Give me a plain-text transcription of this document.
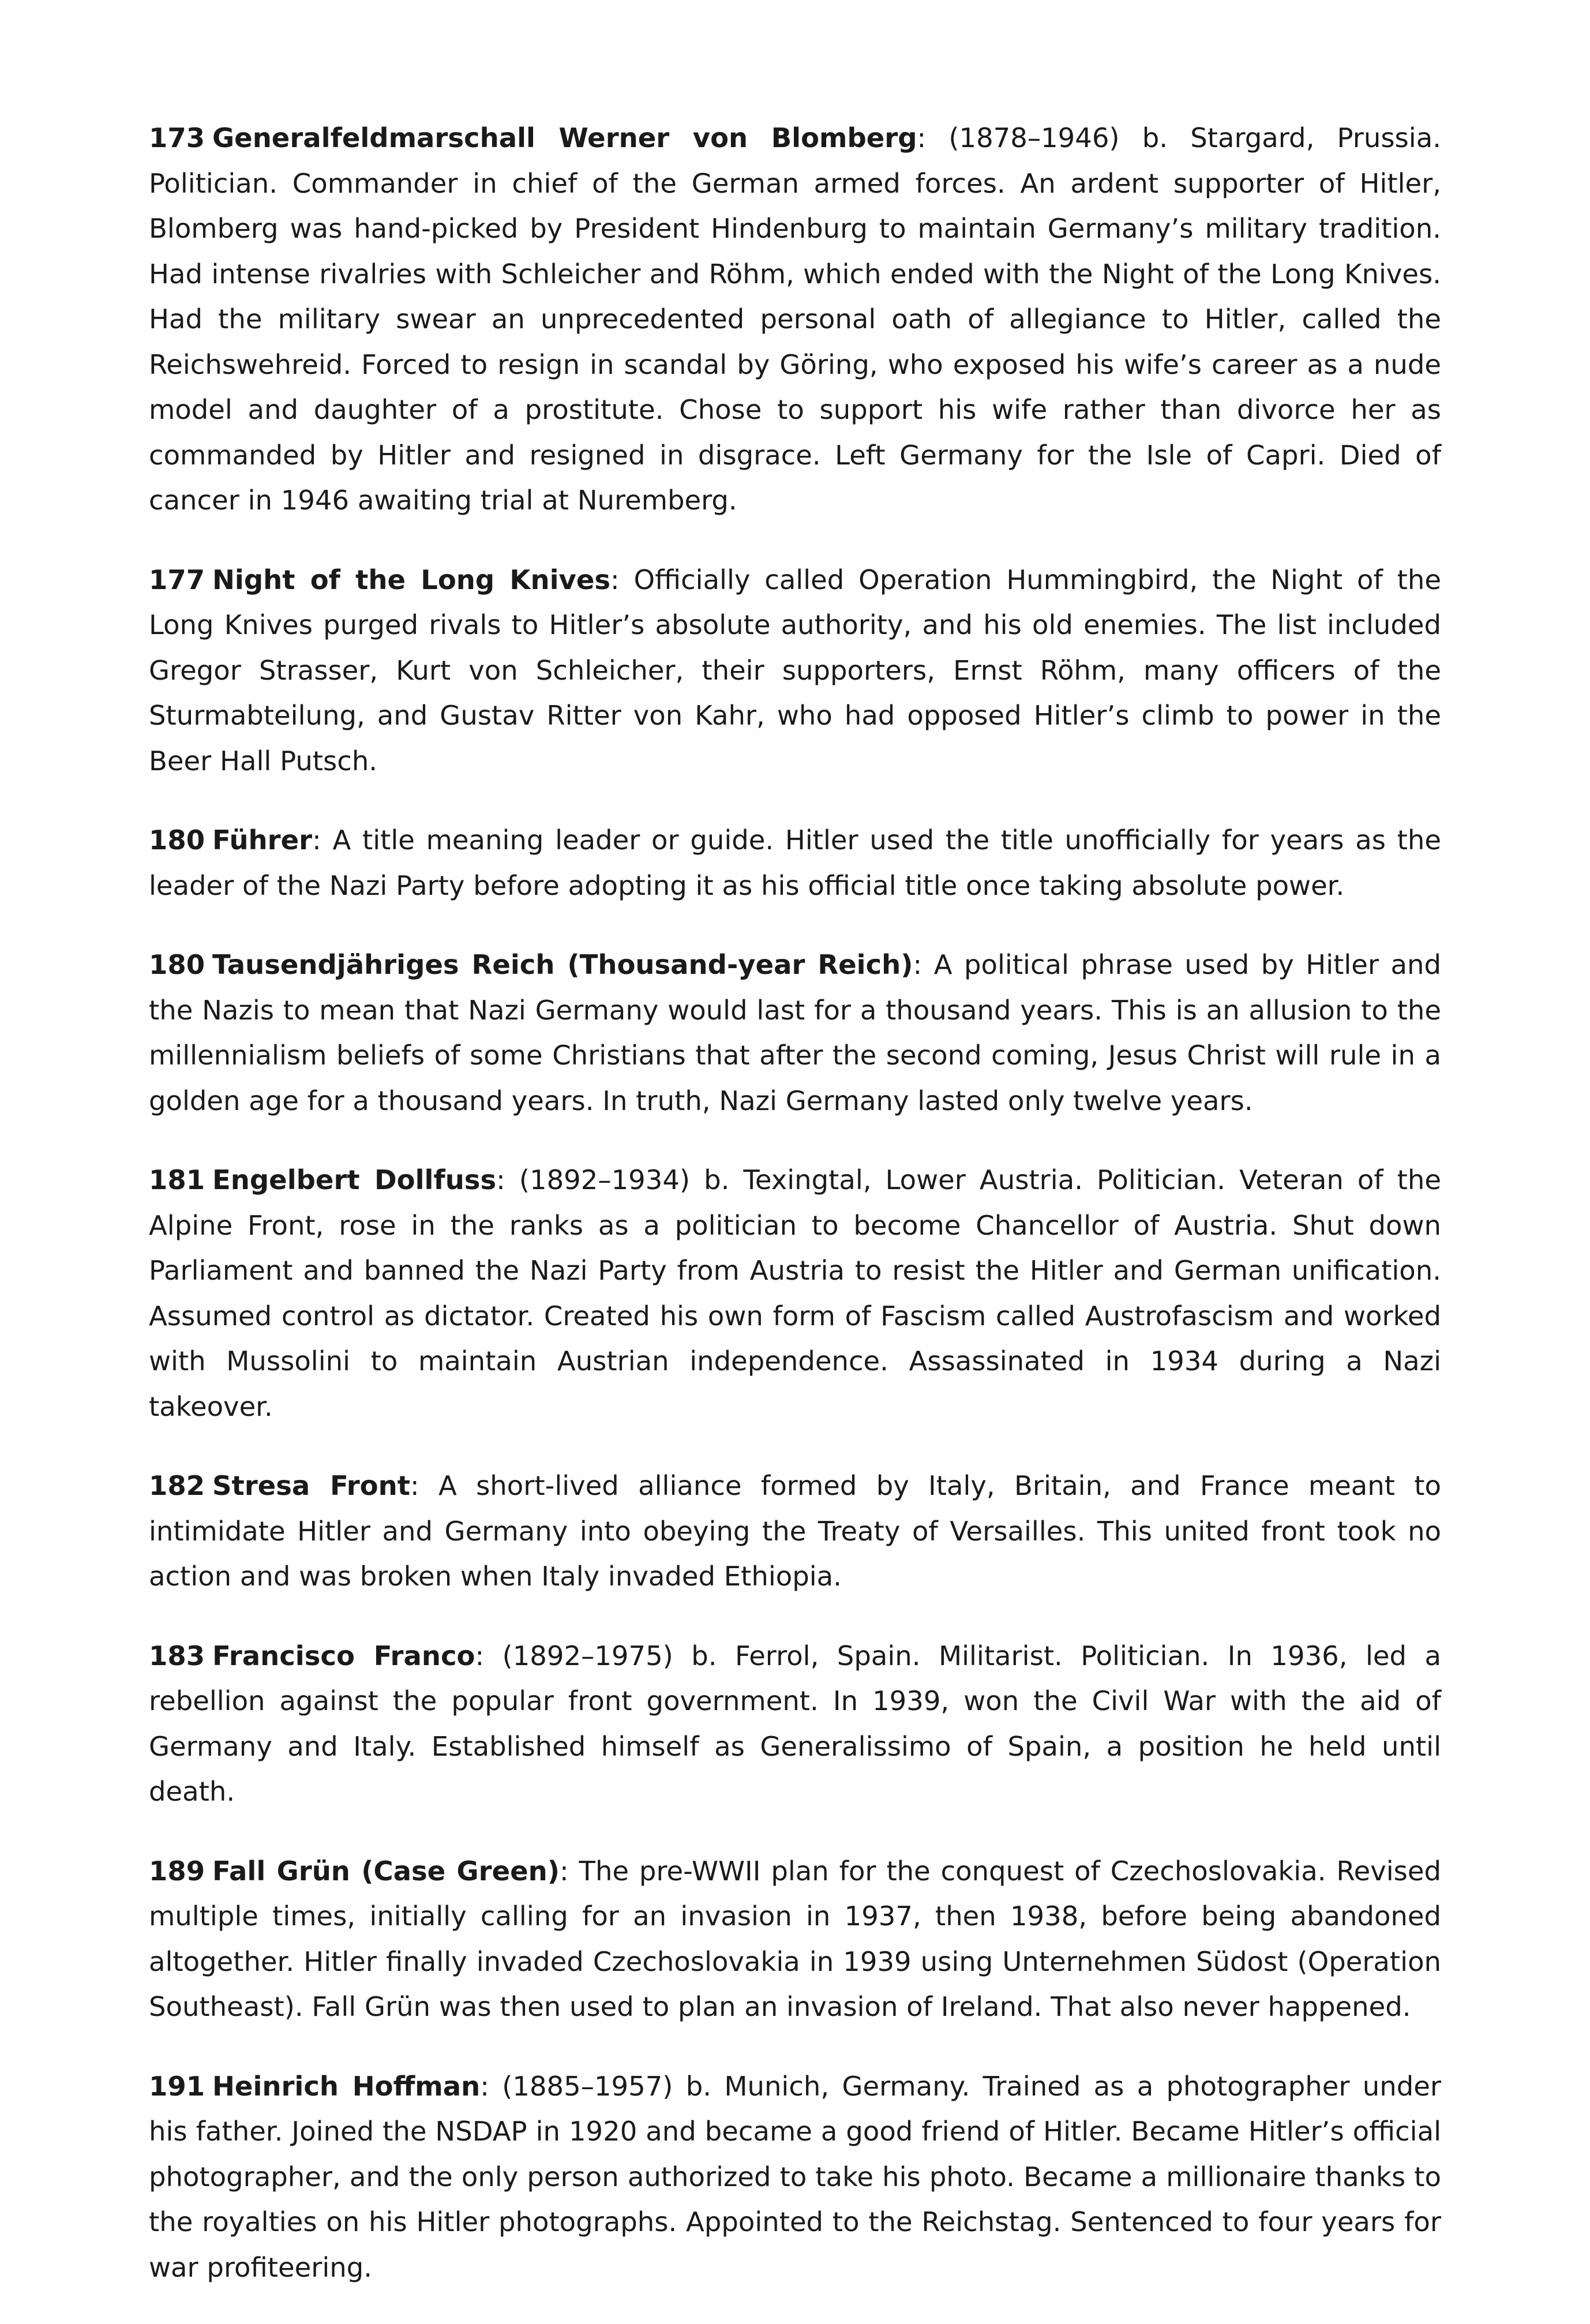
173 Generalfeldmarschall Werner von Blomberg: (1878–1946) b. Stargard, Prussia. Politician. Commander in chief of the German armed forces. An ardent supporter of Hitler, Blomberg was hand-picked by President Hindenburg to maintain Germany’s military tradition. Had intense rivalries with Schleicher and Röhm, which ended with the Night of the Long Knives. Had the military swear an unprecedented personal oath of allegiance to Hitler, called the Reichswehreid. Forced to resign in scandal by Göring, who exposed his wife’s career as a nude model and daughter of a prostitute. Chose to support his wife rather than divorce her as commanded by Hitler and resigned in disgrace. Left Germany for the Isle of Capri. Died of cancer in 1946 awaiting trial at Nuremberg.

177 Night of the Long Knives: Officially called Operation Hummingbird, the Night of the Long Knives purged rivals to Hitler’s absolute authority, and his old enemies. The list included Gregor Strasser, Kurt von Schleicher, their supporters, Ernst Röhm, many officers of the Sturmabteilung, and Gustav Ritter von Kahr, who had opposed Hitler’s climb to power in the Beer Hall Putsch.

180 Führer: A title meaning leader or guide. Hitler used the title unofficially for years as the leader of the Nazi Party before adopting it as his official title once taking absolute power.

180 Tausendjähriges Reich (Thousand-year Reich): A political phrase used by Hitler and the Nazis to mean that Nazi Germany would last for a thousand years. This is an allusion to the millennialism beliefs of some Christians that after the second coming, Jesus Christ will rule in a golden age for a thousand years. In truth, Nazi Germany lasted only twelve years.

181 Engelbert Dollfuss: (1892–1934) b. Texingtal, Lower Austria. Politician. Veteran of the Alpine Front, rose in the ranks as a politician to become Chancellor of Austria. Shut down Parliament and banned the Nazi Party from Austria to resist the Hitler and German unification. Assumed control as dictator. Created his own form of Fascism called Austrofascism and worked with Mussolini to maintain Austrian independence. Assassinated in 1934 during a Nazi takeover.

182 Stresa Front: A short-lived alliance formed by Italy, Britain, and France meant to intimidate Hitler and Germany into obeying the Treaty of Versailles. This united front took no action and was broken when Italy invaded Ethiopia.

183 Francisco Franco: (1892–1975) b. Ferrol, Spain. Militarist. Politician. In 1936, led a rebellion against the popular front government. In 1939, won the Civil War with the aid of Germany and Italy. Established himself as Generalissimo of Spain, a position he held until death.

189 Fall Grün (Case Green): The pre-WWII plan for the conquest of Czechoslovakia. Revised multiple times, initially calling for an invasion in 1937, then 1938, before being abandoned altogether. Hitler finally invaded Czechoslovakia in 1939 using Unternehmen Südost (Operation Southeast). Fall Grün was then used to plan an invasion of Ireland. That also never happened.

191 Heinrich Hoffman: (1885–1957) b. Munich, Germany. Trained as a photographer under his father. Joined the NSDAP in 1920 and became a good friend of Hitler. Became Hitler’s official photographer, and the only person authorized to take his photo. Became a millionaire thanks to the royalties on his Hitler photographs. Appointed to the Reichstag. Sentenced to four years for war profiteering.
